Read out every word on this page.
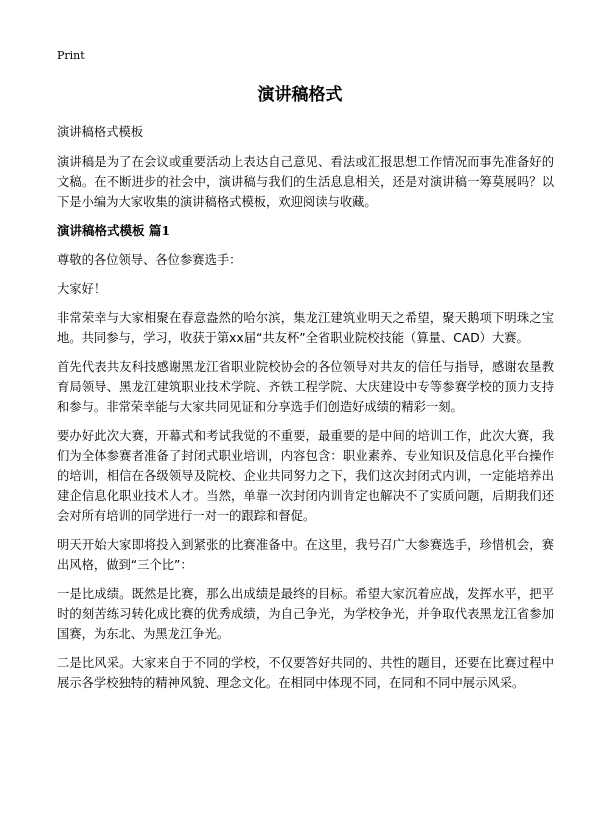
Print
演讲稿格式

演讲稿格式模板

演讲稿是为了在会议或重要活动上表达自己意见、看法或汇报思想工作情况而事先准备好的文稿。在不断进步的社会中，演讲稿与我们的生活息息相关，还是对演讲稿一筹莫展吗？以下是小编为大家收集的演讲稿格式模板，欢迎阅读与收藏。

演讲稿格式模板 篇1

尊敬的各位领导、各位参赛选手：

大家好！

非常荣幸与大家相聚在春意盎然的哈尔滨，集龙江建筑业明天之希望，聚天鹅项下明珠之宝地。共同参与，学习，收获于第xx届“共友杯”全省职业院校技能（算量、CAD）大赛。

首先代表共友科技感谢黑龙江省职业院校协会的各位领导对共友的信任与指导，感谢农垦教育局领导、黑龙江建筑职业技术学院、齐铁工程学院、大庆建设中专等参赛学校的顶力支持和参与。非常荣幸能与大家共同见证和分享选手们创造好成绩的精彩一刻。

要办好此次大赛，开幕式和考试我觉的不重要，最重要的是中间的培训工作，此次大赛，我们为全体参赛者准备了封闭式职业培训，内容包含：职业素养、专业知识及信息化平台操作的培训，相信在各级领导及院校、企业共同努力之下，我们这次封闭式内训，一定能培养出建企信息化职业技术人才。当然，单靠一次封闭内训肯定也解决不了实质问题，后期我们还会对所有培训的同学进行一对一的跟踪和督促。

明天开始大家即将投入到紧张的比赛准备中。在这里，我号召广大参赛选手，珍惜机会，赛出风格，做到“三个比”：

一是比成绩。既然是比赛，那么出成绩是最终的目标。希望大家沉着应战，发挥水平，把平时的刻苦练习转化成比赛的优秀成绩，为自己争光，为学校争光，并争取代表黑龙江省参加国赛，为东北、为黑龙江争光。

二是比风采。大家来自于不同的学校，不仅要答好共同的、共性的题目，还要在比赛过程中展示各学校独特的精神风貌、理念文化。在相同中体现不同，在同和不同中展示风采。
